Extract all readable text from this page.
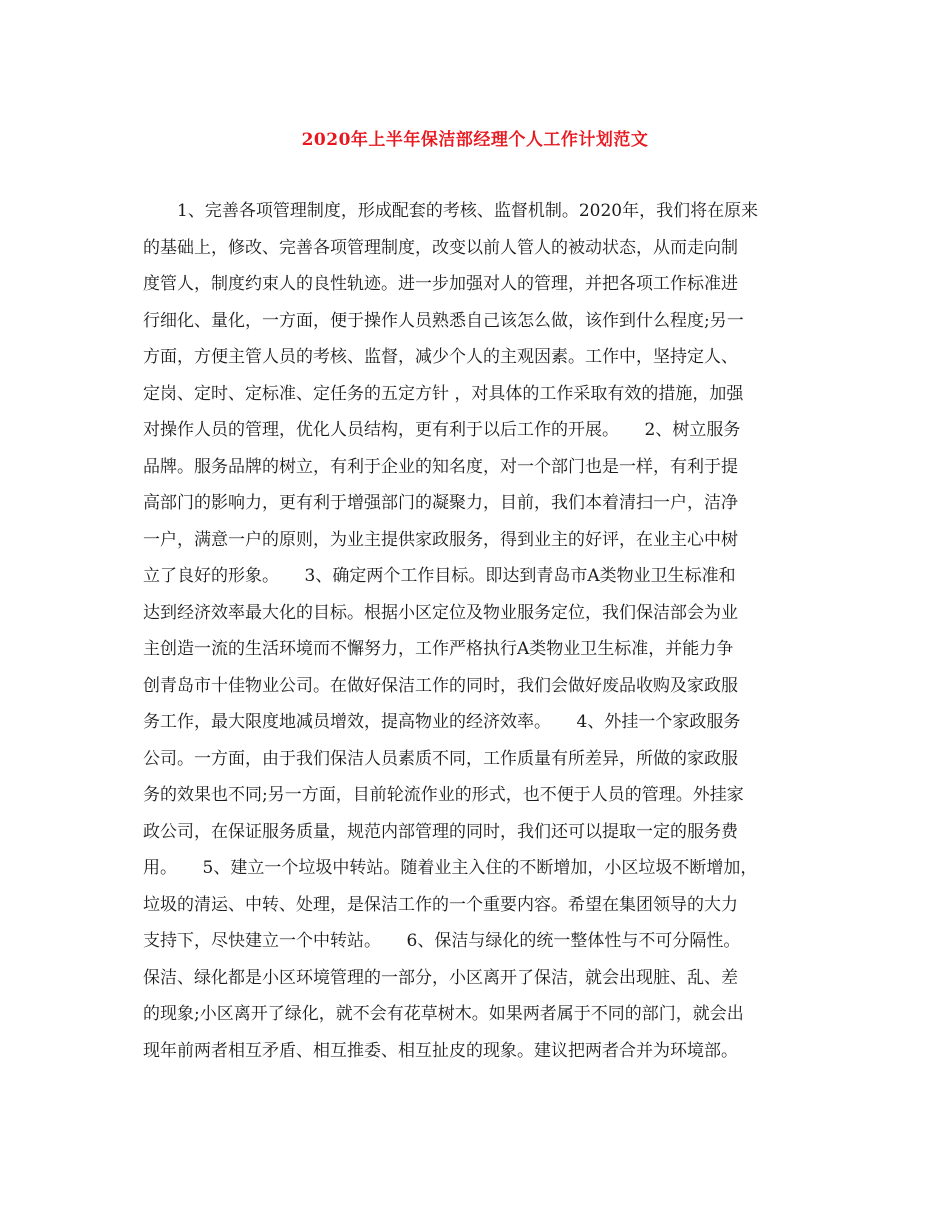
2020年上半年保洁部经理个人工作计划范文
1、完善各项管理制度，形成配套的考核、监督机制。2020年，我们将在原来
的基础上，修改、完善各项管理制度，改变以前人管人的被动状态，从而走向制
度管人，制度约束人的良性轨迹。进一步加强对人的管理，并把各项工作标准进
行细化、量化，一方面，便于操作人员熟悉自己该怎么做，该作到什么程度;另一
方面，方便主管人员的考核、监督，减少个人的主观因素。工作中，坚持定人、
定岗、定时、定标准、定任务的五定方针 ，对具体的工作采取有效的措施，加强
对操作人员的管理，优化人员结构，更有利于以后工作的开展。　　2、树立服务
品牌。服务品牌的树立，有利于企业的知名度，对一个部门也是一样，有利于提
高部门的影响力，更有利于增强部门的凝聚力，目前，我们本着清扫一户，洁净
一户，满意一户的原则，为业主提供家政服务，得到业主的好评，在业主心中树
立了良好的形象。　　3、确定两个工作目标。即达到青岛市A类物业卫生标准和
达到经济效率最大化的目标。根据小区定位及物业服务定位，我们保洁部会为业
主创造一流的生活环境而不懈努力，工作严格执行A类物业卫生标准，并能力争
创青岛市十佳物业公司。在做好保洁工作的同时，我们会做好废品收购及家政服
务工作，最大限度地减员增效，提高物业的经济效率。　　4、外挂一个家政服务
公司。一方面，由于我们保洁人员素质不同，工作质量有所差异，所做的家政服
务的效果也不同;另一方面，目前轮流作业的形式，也不便于人员的管理。外挂家
政公司，在保证服务质量，规范内部管理的同时，我们还可以提取一定的服务费
用。　　5、建立一个垃圾中转站。随着业主入住的不断增加，小区垃圾不断增加，
垃圾的清运、中转、处理，是保洁工作的一个重要内容。希望在集团领导的大力
支持下，尽快建立一个中转站。　　6、保洁与绿化的统一整体性与不可分隔性。
保洁、绿化都是小区环境管理的一部分，小区离开了保洁，就会出现脏、乱、差
的现象;小区离开了绿化，就不会有花草树木。如果两者属于不同的部门，就会出
现年前两者相互矛盾、相互推委、相互扯皮的现象。建议把两者合并为环境部。
